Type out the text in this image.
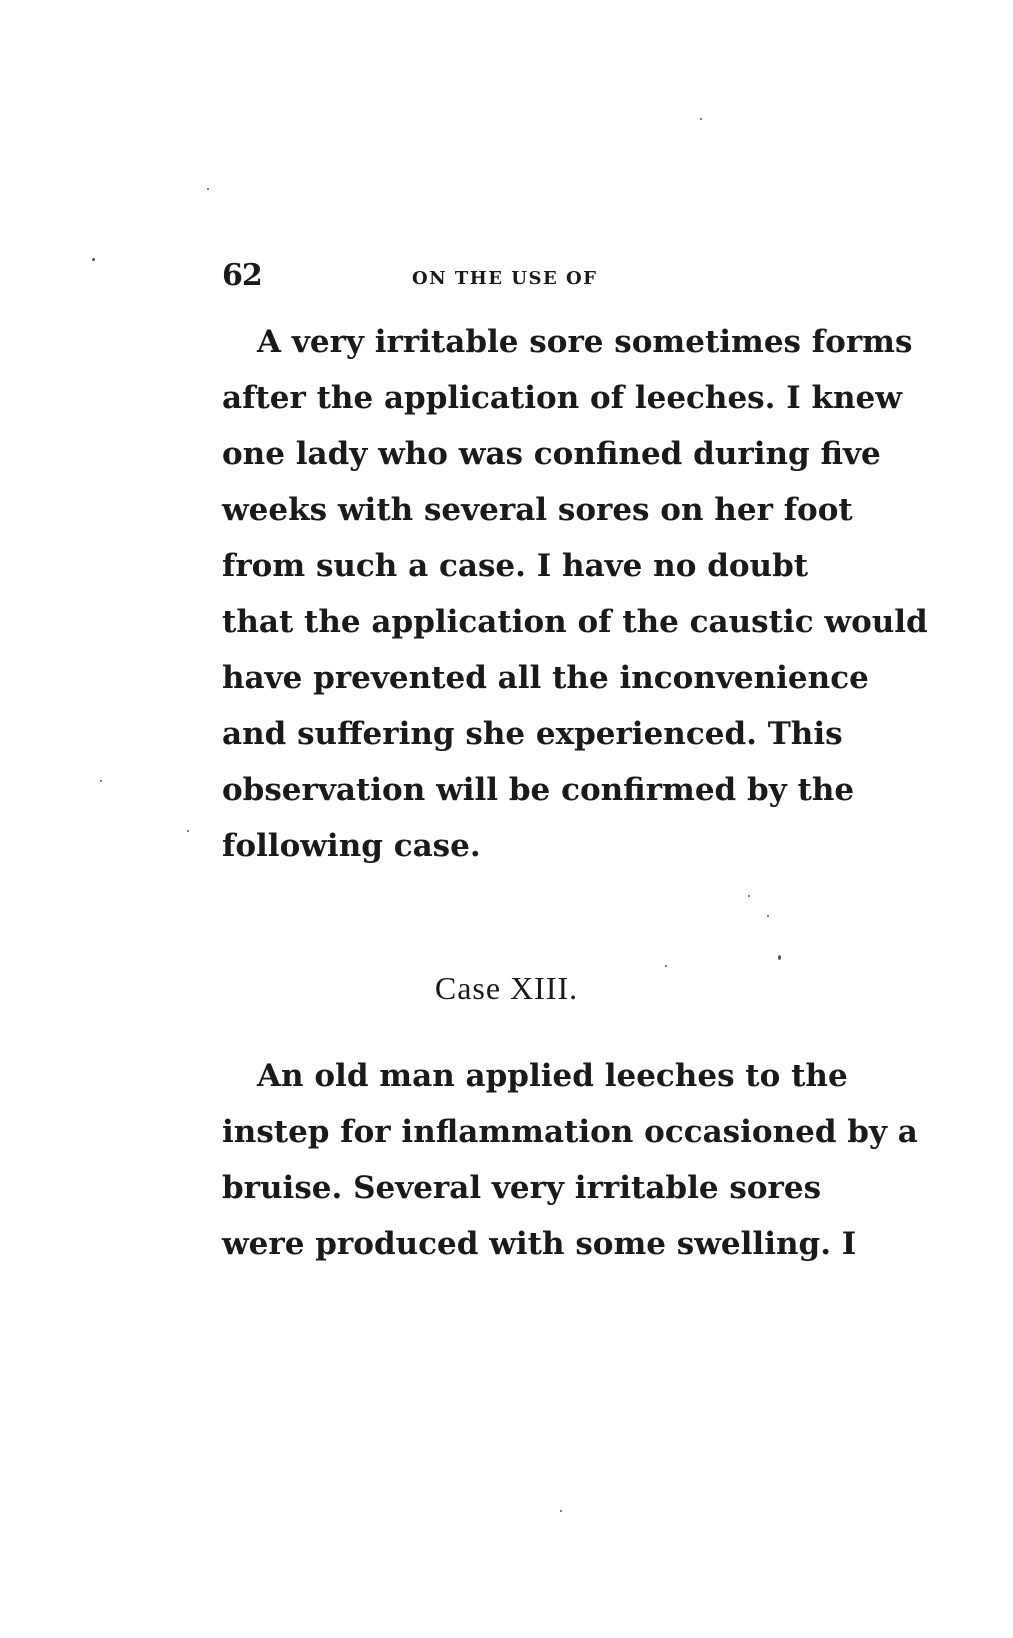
62	ON THE USE OF
A very irritable sore sometimes forms
after the application of leeches. I knew
one lady who was confined during five
weeks with several sores on her foot
from such a case. I have no doubt
that the application of the caustic would
have prevented all the inconvenience
and suffering she experienced. This
observation will be confirmed by the
following case.
Case XIII.
An old man applied leeches to the
instep for inflammation occasioned by a
bruise. Several very irritable sores
were produced with some swelling. I
